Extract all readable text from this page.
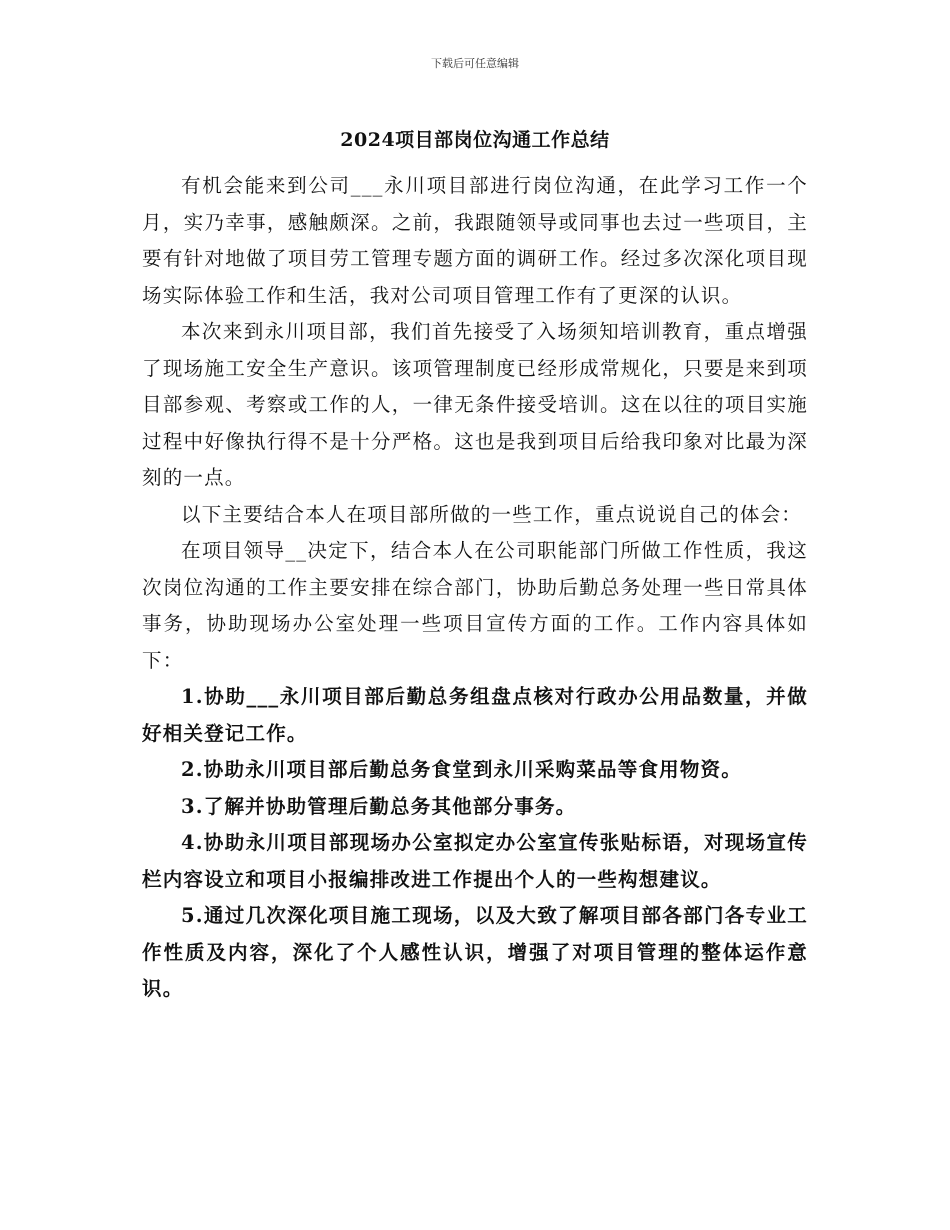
下载后可任意编辑
2024项目部岗位沟通工作总结

有机会能来到公司___永川项目部进行岗位沟通，在此学习工作一个月，实乃幸事，感触颇深。之前，我跟随领导或同事也去过一些项目，主要有针对地做了项目劳工管理专题方面的调研工作。经过多次深化项目现场实际体验工作和生活，我对公司项目管理工作有了更深的认识。

本次来到永川项目部，我们首先接受了入场须知培训教育，重点增强了现场施工安全生产意识。该项管理制度已经形成常规化，只要是来到项目部参观、考察或工作的人，一律无条件接受培训。这在以往的项目实施过程中好像执行得不是十分严格。这也是我到项目后给我印象对比最为深刻的一点。

以下主要结合本人在项目部所做的一些工作，重点说说自己的体会：

在项目领导__决定下，结合本人在公司职能部门所做工作性质，我这次岗位沟通的工作主要安排在综合部门，协助后勤总务处理一些日常具体事务，协助现场办公室处理一些项目宣传方面的工作。工作内容具体如下：

1.协助___永川项目部后勤总务组盘点核对行政办公用品数量，并做好相关登记工作。

2.协助永川项目部后勤总务食堂到永川采购菜品等食用物资。

3.了解并协助管理后勤总务其他部分事务。

4.协助永川项目部现场办公室拟定办公室宣传张贴标语，对现场宣传栏内容设立和项目小报编排改进工作提出个人的一些构想建议。

5.通过几次深化项目施工现场，以及大致了解项目部各部门各专业工作性质及内容，深化了个人感性认识，增强了对项目管理的整体运作意识。
